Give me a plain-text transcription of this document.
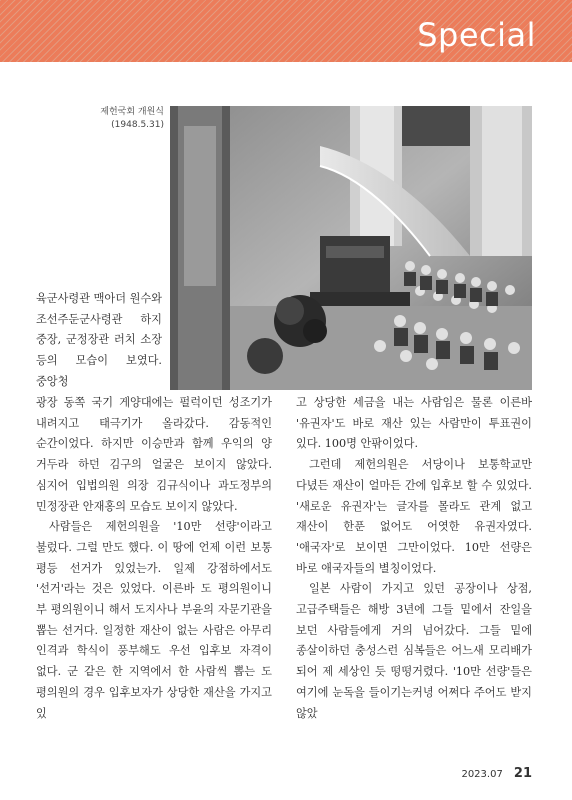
Special
제헌국회 개원식 (1948.5.31)
육군사령관 맥아더 원수와 조선주둔군사령관 하지 중장, 군정장관 러치 소장 등의 모습이 보였다. 중앙청

광장 동쪽 국기 게양대에는 펄럭이던 성조기가 내려지고 태극기가 올라갔다. 감동적인 순간이었다. 하지만 이승만과 함께 우익의 양 거두라 하던 김구의 얼굴은 보이지 않았다. 심지어 입법의원 의장 김규식이나 과도정부의 민정장관 안재홍의 모습도 보이지 않았다.

사람들은 제헌의원을 '10만 선량'이라고 불렀다. 그럴 만도 했다. 이 땅에 언제 이런 보통 평등 선거가 있었는가. 일제 강점하에서도 '선거'라는 것은 있었다. 이른바 도 평의원이니 부 평의원이니 해서 도지사나 부윤의 자문기관을 뽑는 선거다. 일정한 재산이 없는 사람은 아무리 인격과 학식이 풍부해도 우선 입후보 자격이 없다. 군 같은 한 지역에서 한 사람씩 뽑는 도 평의원의 경우 입후보자가 상당한 재산을 가지고 있

고 상당한 세금을 내는 사람임은 물론 이른바 '유권자'도 바로 재산 있는 사람만이 투표권이 있다. 100명 안팎이었다.

그런데 제헌의원은 서당이나 보통학교만 다녔든 재산이 얼마든 간에 입후보 할 수 있었다. '새로운 유권자'는 글자를 몰라도 관계 없고 재산이 한푼 없어도 어엿한 유권자였다. '애국자'로 보이면 그만이었다. 10만 선량은 바로 애국자들의 별칭이었다.

일본 사람이 가지고 있던 공장이나 상점, 고급주택들은 해방 3년에 그들 밑에서 잔일을 보던 사람들에게 거의 넘어갔다. 그들 밑에 종살이하던 충성스런 심복들은 어느새 모리배가 되어 제 세상인 듯 떵떵거렸다. '10만 선량'들은 여기에 눈독을 들이기는커녕 어쩌다 주어도 받지 않았

2023.07 21
